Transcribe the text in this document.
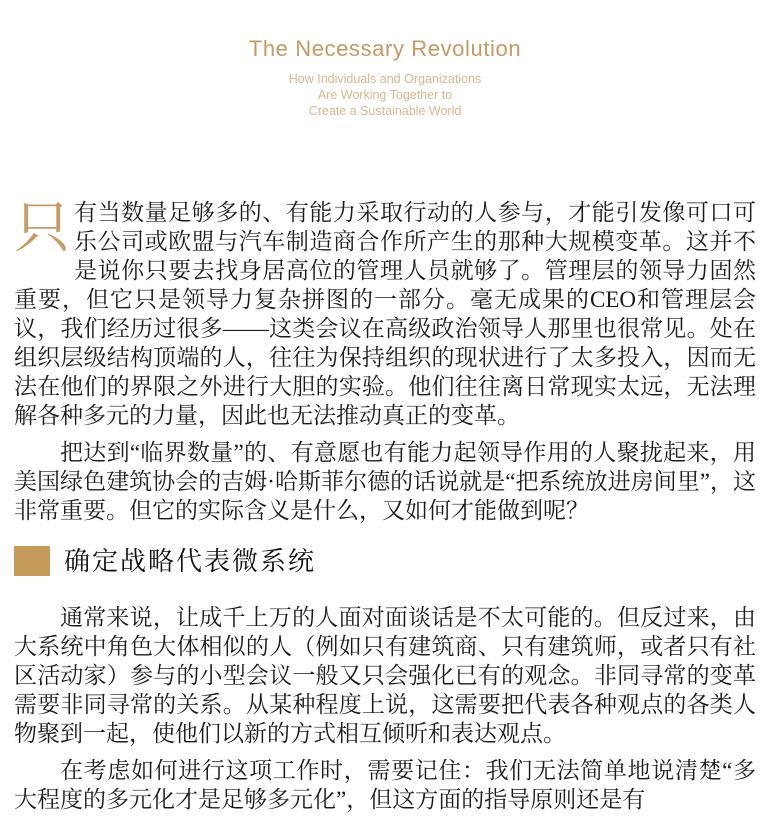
The Necessary Revolution
How Individuals and Organizations
Are Working Together to
Create a Sustainable World

只 有当数量足够多的、有能力采取行动的人参与，才能引发像可口可乐公司或欧盟与汽车制造商合作所产生的那种大规模变革。这并不是说你只要去找身居高位的管理人员就够了。管理层的领导力固然重要，但它只是领导力复杂拼图的一部分。毫无成果的CEO和管理层会议，我们经历过很多——这类会议在高级政治领导人那里也很常见。处在组织层级结构顶端的人，往往为保持组织的现状进行了太多投入，因而无法在他们的界限之外进行大胆的实验。他们往往离日常现实太远，无法理解各种多元的力量，因此也无法推动真正的变革。

把达到“临界数量”的、有意愿也有能力起领导作用的人聚拢起来，用美国绿色建筑协会的吉姆·哈斯菲尔德的话说就是“把系统放进房间里”，这非常重要。但它的实际含义是什么，又如何才能做到呢？

确定战略代表微系统

通常来说，让成千上万的人面对面谈话是不太可能的。但反过来，由大系统中角色大体相似的人（例如只有建筑商、只有建筑师，或者只有社区活动家）参与的小型会议一般又只会强化已有的观念。非同寻常的变革需要非同寻常的关系。从某种程度上说，这需要把代表各种观点的各类人物聚到一起，使他们以新的方式相互倾听和表达观点。

在考虑如何进行这项工作时，需要记住：我们无法简单地说清楚“多大程度的多元化才是足够多元化”，但这方面的指导原则还是有
